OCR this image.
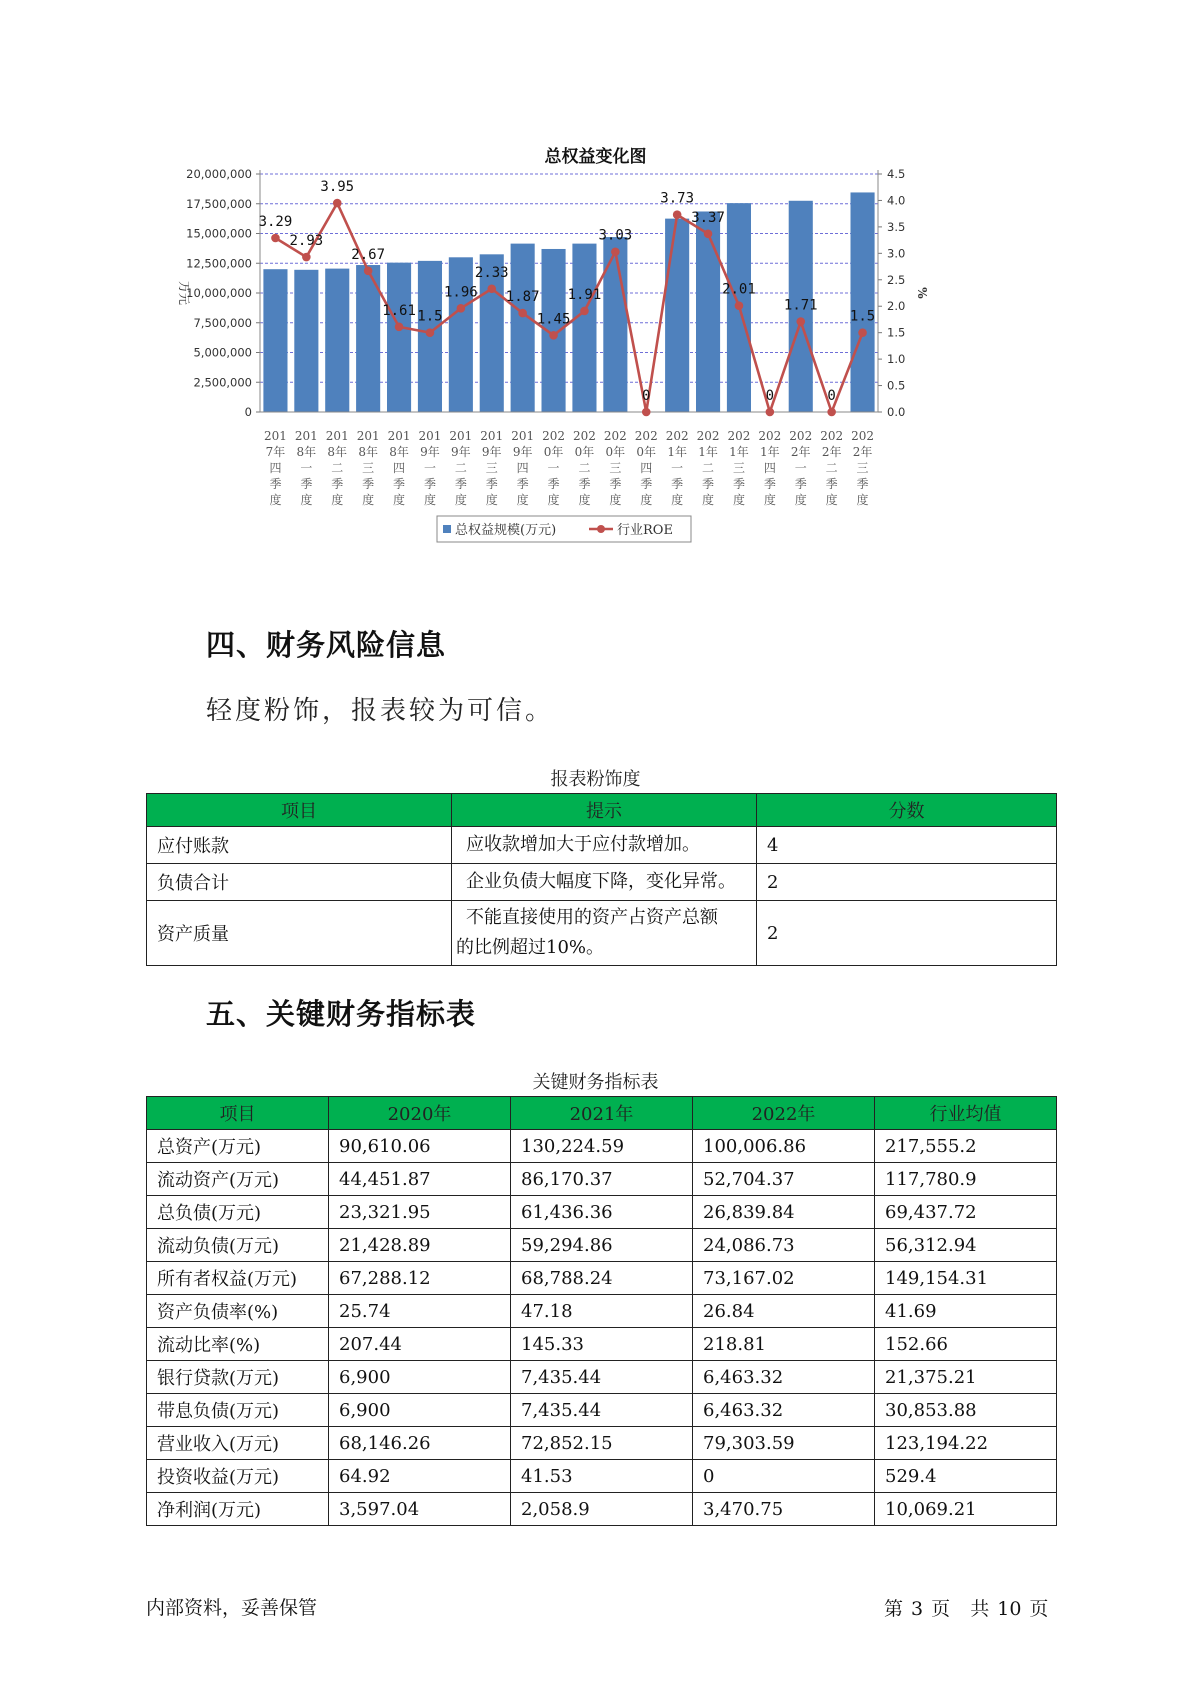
总权益变化图
0
2,500,000
5,000,000
7,500,000
10,000,000
12,500,000
15,000,000
17,500,000
20,000,000
0.0
0.5
1.0
1.5
2.0
2.5
3.0
3.5
4.0
4.5
万元	%
201
7年
四
季
度
201
8年
一
季
度
201
8年
二
季
度
201
8年
三
季
度
201
8年
四
季
度
201
9年
一
季
度
201
9年
二
季
度
201
9年
三
季
度
201
9年
四
季
度
202
0年
一
季
度
202
0年
二
季
度
202
0年
三
季
度
202
0年
四
季
度
202
1年
一
季
度
202
1年
二
季
度
202
1年
三
季
度
202
1年
四
季
度
202
2年
一
季
度
202
2年
二
季
度
202
2年
三
季
度
3.29
2.93
3.95
2.67
1.61 1.5
1.96
2.33
1.87
1.45
1.91
3.03
0
3.73
3.37
2.01
0
1.71
0
1.5
总权益规模(万元)	行业ROE
四、财务风险信息
轻度粉饰，报表较为可信。
报表粉饰度
项目	提示	分数
应付账款	应收款增加大于应付款增加。	4
负债合计	企业负债大幅度下降，变化异常。	2
资产质量	不能直接使用的资产占资产总额
的比例超过10%。	2
五、关键财务指标表
关键财务指标表
项目	2020年	2021年	2022年	行业均值
总资产(万元)	90,610.06	130,224.59	100,006.86	217,555.2
流动资产(万元)	44,451.87	86,170.37	52,704.37	117,780.9
总负债(万元)	23,321.95	61,436.36	26,839.84	69,437.72
流动负债(万元)	21,428.89	59,294.86	24,086.73	56,312.94
所有者权益(万元)	67,288.12	68,788.24	73,167.02	149,154.31
资产负债率(%)	25.74	47.18	26.84	41.69
流动比率(%)	207.44	145.33	218.81	152.66
银行贷款(万元)	6,900	7,435.44	6,463.32	21,375.21
带息负债(万元)	6,900	7,435.44	6,463.32	30,853.88
营业收入(万元)	68,146.26	72,852.15	79,303.59	123,194.22
投资收益(万元)	64.92	41.53	0	529.4
净利润(万元)	3,597.04	2,058.9	3,470.75	10,069.21
内部资料，妥善保管	第 3 页 共 10 页
